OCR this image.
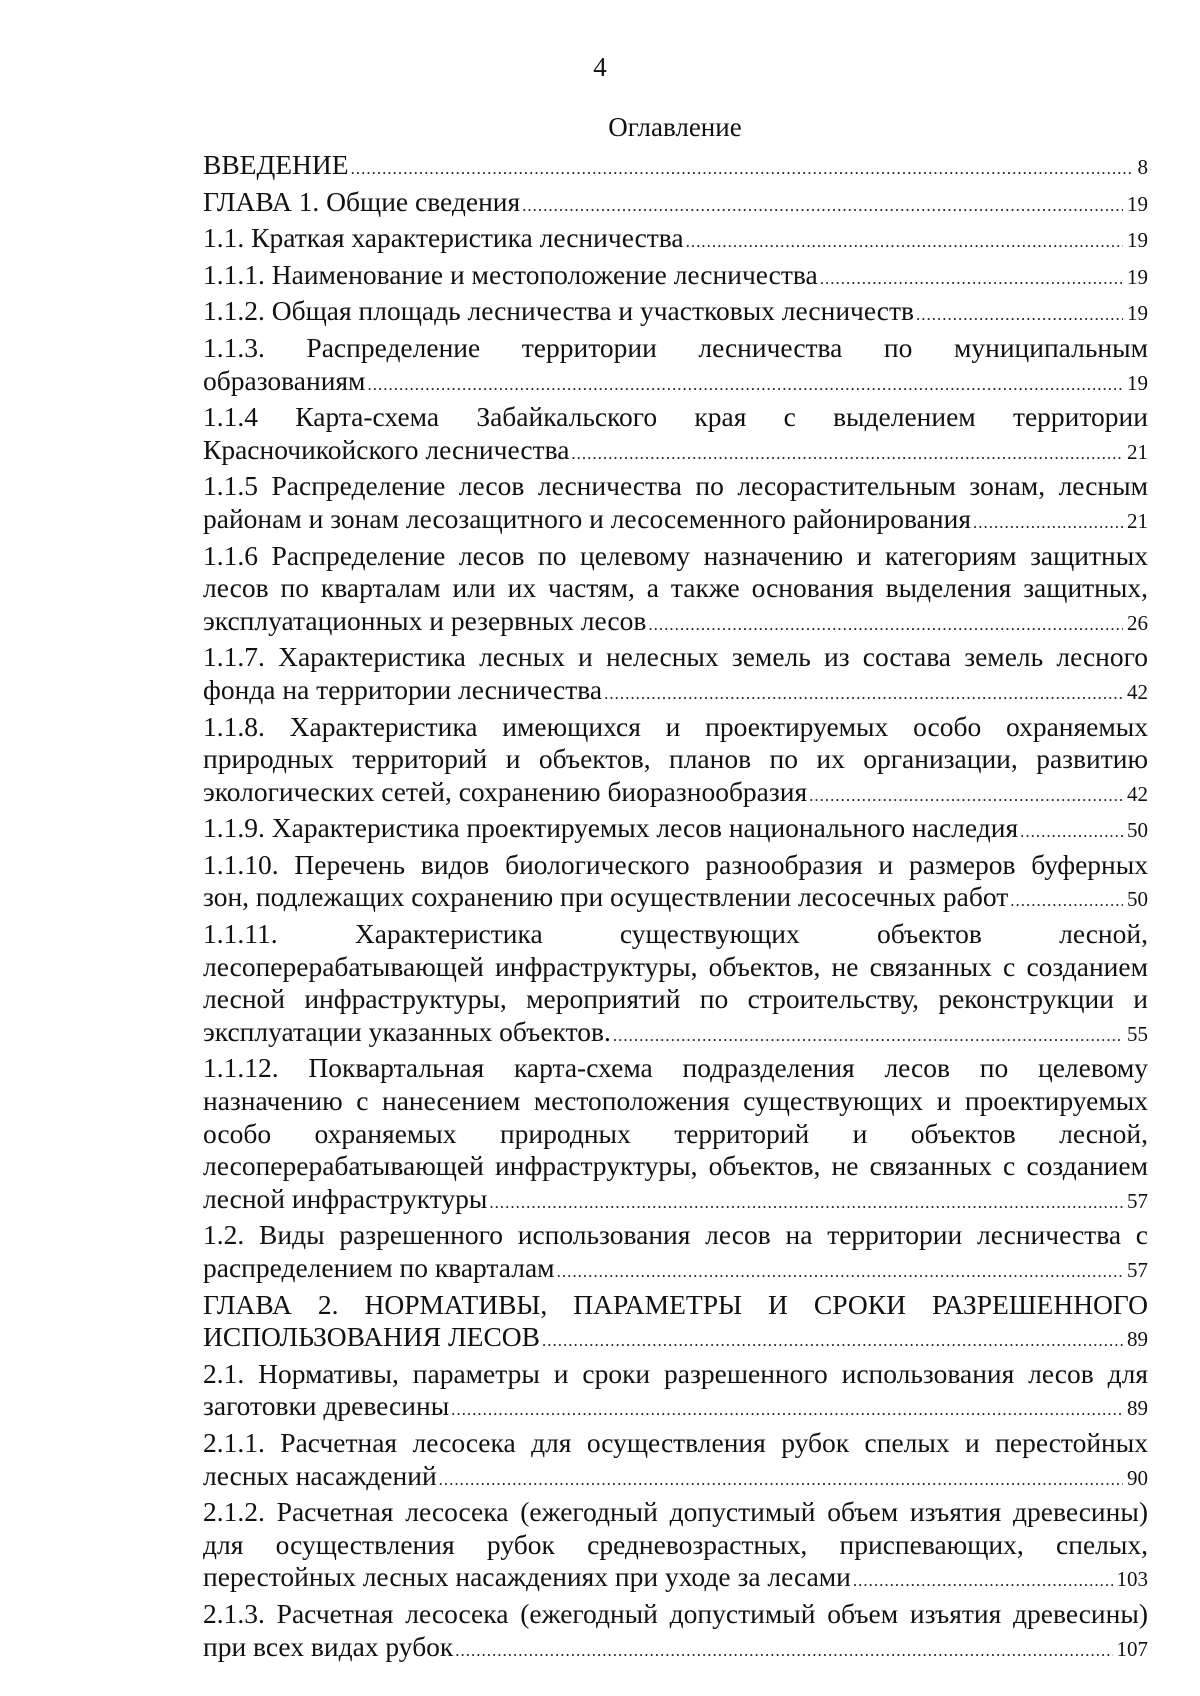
4
Оглавление
ВВЕДЕНИЕ .....	8
ГЛАВА 1. Общие сведения .....	19
1.1. Краткая характеристика лесничества .....	19
1.1.1. Наименование и местоположение лесничества .....	19
1.1.2. Общая площадь лесничества и участковых лесничеств .....	19
1.1.3. Распределение территории лесничества по муниципальным
образованиям .....	19
1.1.4 Карта-схема Забайкальского края с выделением территории
Красночикойского лесничества .....	21
1.1.5 Распределение лесов лесничества по лесорастительным зонам, лесным
районам и зонам лесозащитного и лесосеменного районирования .....	21
1.1.6 Распределение лесов по целевому назначению и категориям защитных
лесов по кварталам или их частям, а также основания выделения защитных,
эксплуатационных и резервных лесов .....	26
1.1.7. Характеристика лесных и нелесных земель из состава земель лесного
фонда на территории лесничества .....	42
1.1.8. Характеристика имеющихся и проектируемых особо охраняемых
природных территорий и объектов, планов по их организации, развитию
экологических сетей, сохранению биоразнообразия .....	42
1.1.9. Характеристика проектируемых лесов национального наследия .....	50
1.1.10. Перечень видов биологического разнообразия и размеров буферных
зон, подлежащих сохранению при осуществлении лесосечных работ .....	50
1.1.11. Характеристика существующих объектов лесной,
лесоперерабатывающей инфраструктуры, объектов, не связанных с созданием
лесной инфраструктуры, мероприятий по строительству, реконструкции и
эксплуатации указанных объектов. .....	55
1.1.12. Поквартальная карта-схема подразделения лесов по целевому
назначению с нанесением местоположения существующих и проектируемых
особо охраняемых природных территорий и объектов лесной,
лесоперерабатывающей инфраструктуры, объектов, не связанных с созданием
лесной инфраструктуры .....	57
1.2. Виды разрешенного использования лесов на территории лесничества с
распределением по кварталам .....	57
ГЛАВА 2. НОРМАТИВЫ, ПАРАМЕТРЫ И СРОКИ РАЗРЕШЕННОГО
ИСПОЛЬЗОВАНИЯ ЛЕСОВ .....	89
2.1. Нормативы, параметры и сроки разрешенного использования лесов для
заготовки древесины .....	89
2.1.1. Расчетная лесосека для осуществления рубок спелых и перестойных
лесных насаждений .....	90
2.1.2. Расчетная лесосека (ежегодный допустимый объем изъятия древесины)
для осуществления рубок средневозрастных, приспевающих, спелых,
перестойных лесных насаждениях при уходе за лесами .....	103
2.1.3. Расчетная лесосека (ежегодный допустимый объем изъятия древесины)
при всех видах рубок .....	107
